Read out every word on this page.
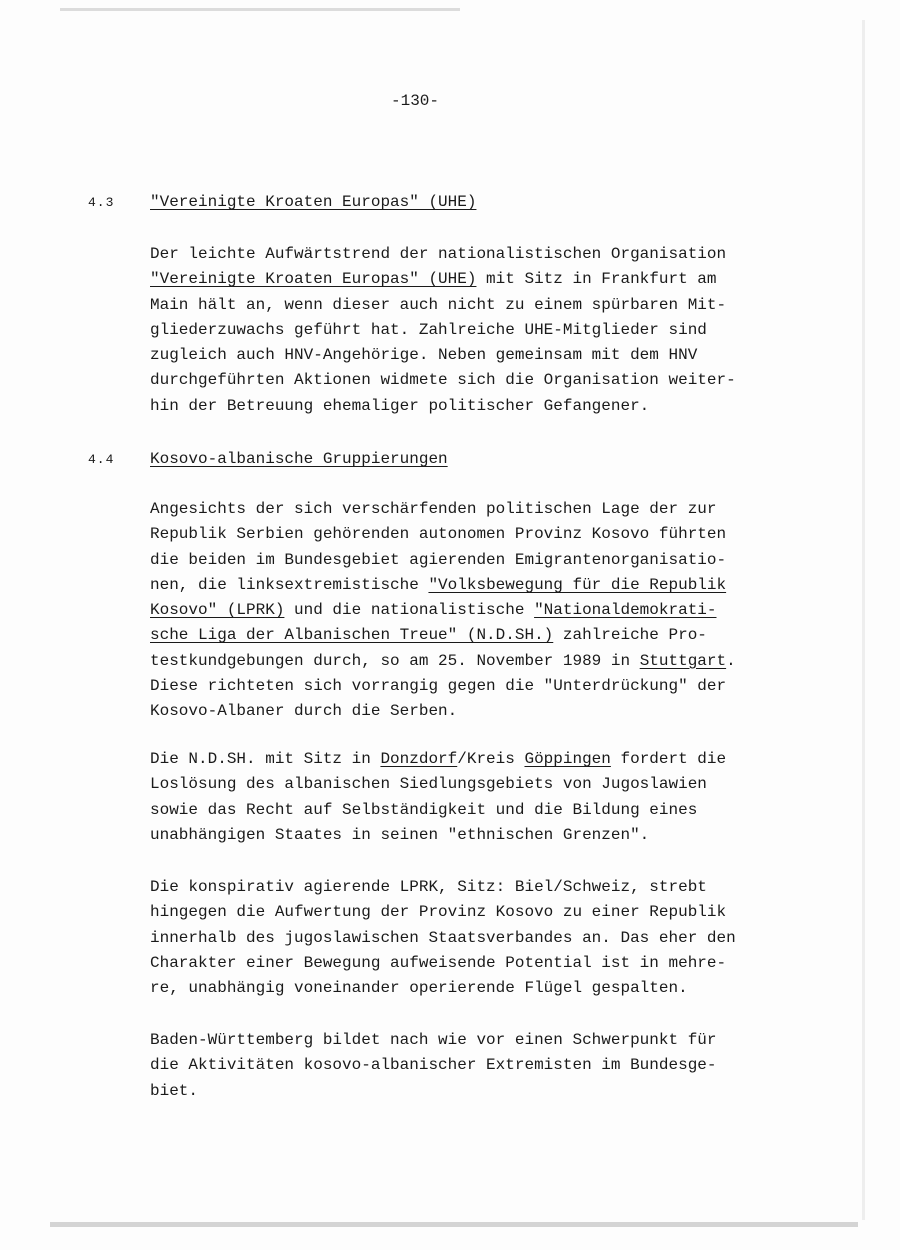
-130-
4.3 "Vereinigte Kroaten Europas" (UHE)
Der leichte Aufwärtstrend der nationalistischen Organisation
"Vereinigte Kroaten Europas" (UHE) mit Sitz in Frankfurt am
Main hält an, wenn dieser auch nicht zu einem spürbaren Mit-
gliederzuwachs geführt hat. Zahlreiche UHE-Mitglieder sind
zugleich auch HNV-Angehörige. Neben gemeinsam mit dem HNV
durchgeführten Aktionen widmete sich die Organisation weiter-
hin der Betreuung ehemaliger politischer Gefangener.
4.4 Kosovo-albanische Gruppierungen
Angesichts der sich verschärfenden politischen Lage der zur
Republik Serbien gehörenden autonomen Provinz Kosovo führten
die beiden im Bundesgebiet agierenden Emigrantenorganisatio-
nen, die linksextremistische "Volksbewegung für die Republik
Kosovo" (LPRK) und die nationalistische "Nationaldemokrati-
sche Liga der Albanischen Treue" (N.D.SH.) zahlreiche Pro-
testkundgebungen durch, so am 25. November 1989 in Stuttgart.
Diese richteten sich vorrangig gegen die "Unterdrückung" der
Kosovo-Albaner durch die Serben.
Die N.D.SH. mit Sitz in Donzdorf/Kreis Göppingen fordert die
Loslösung des albanischen Siedlungsgebiets von Jugoslawien
sowie das Recht auf Selbständigkeit und die Bildung eines
unabhängigen Staates in seinen "ethnischen Grenzen".
Die konspirativ agierende LPRK, Sitz: Biel/Schweiz, strebt
hingegen die Aufwertung der Provinz Kosovo zu einer Republik
innerhalb des jugoslawischen Staatsverbandes an. Das eher den
Charakter einer Bewegung aufweisende Potential ist in mehre-
re, unabhängig voneinander operierende Flügel gespalten.
Baden-Württemberg bildet nach wie vor einen Schwerpunkt für
die Aktivitäten kosovo-albanischer Extremisten im Bundesge-
biet.
